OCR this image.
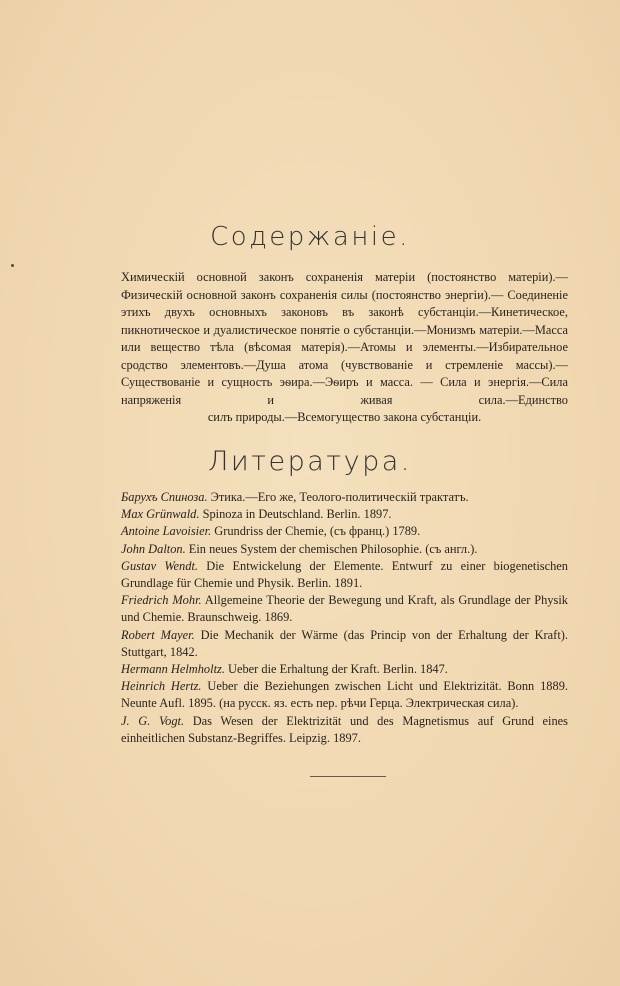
Содержаніе.
Химическій основной законъ сохраненія матеріи (постоянство матеріи).— Физическій основной законъ сохраненія силы (постоянство энергіи).— Соединеніе этихъ двухъ основныхъ законовъ въ законѣ субстанціи.—Кинетическое, пикнотическое и дуалистическое понятіе о субстанціи.—Монизмъ матеріи.—Масса или вещество тѣла (вѣсомая матерія).—Атомы и элементы.—Избирательное сродство элементовъ.—Душа атома (чувствованіе и стремленіе массы).—Существованіе и сущность эѳира.—Эѳиръ и масса. — Сила и энергія.—Сила напряженія и живая сила.—Единство
силъ природы.—Всемогущество закона субстанціи.
Литература.
Барухъ Спиноза. Этика.—Его же, Теолого-политическій трактатъ.
Max Grünwald. Spinoza in Deutschland. Berlin. 1897.
Antoine Lavoisier. Grundriss der Chemie, (съ франц.) 1789.
John Dalton. Ein neues System der chemischen Philosophie. (съ англ.).
Gustav Wendt. Die Entwickelung der Elemente. Entwurf zu einer biogenetischen Grundlage für Chemie und Physik. Berlin. 1891.
Friedrich Mohr. Allgemeine Theorie der Bewegung und Kraft, als Grundlage der Physik und Chemie. Braunschweig. 1869.
Robert Mayer. Die Mechanik der Wärme (das Princip von der Erhaltung der Kraft). Stuttgart, 1842.
Hermann Helmholtz. Ueber die Erhaltung der Kraft. Berlin. 1847.
Heinrich Hertz. Ueber die Beziehungen zwischen Licht und Elektrizität. Bonn 1889. Neunte Aufl. 1895. (на русск. яз. есть пер. рѣчи Герца. Электрическая сила).
J. G. Vogt. Das Wesen der Elektrizität und des Magnetismus auf Grund eines einheitlichen Substanz-Begriffes. Leipzig. 1897.
